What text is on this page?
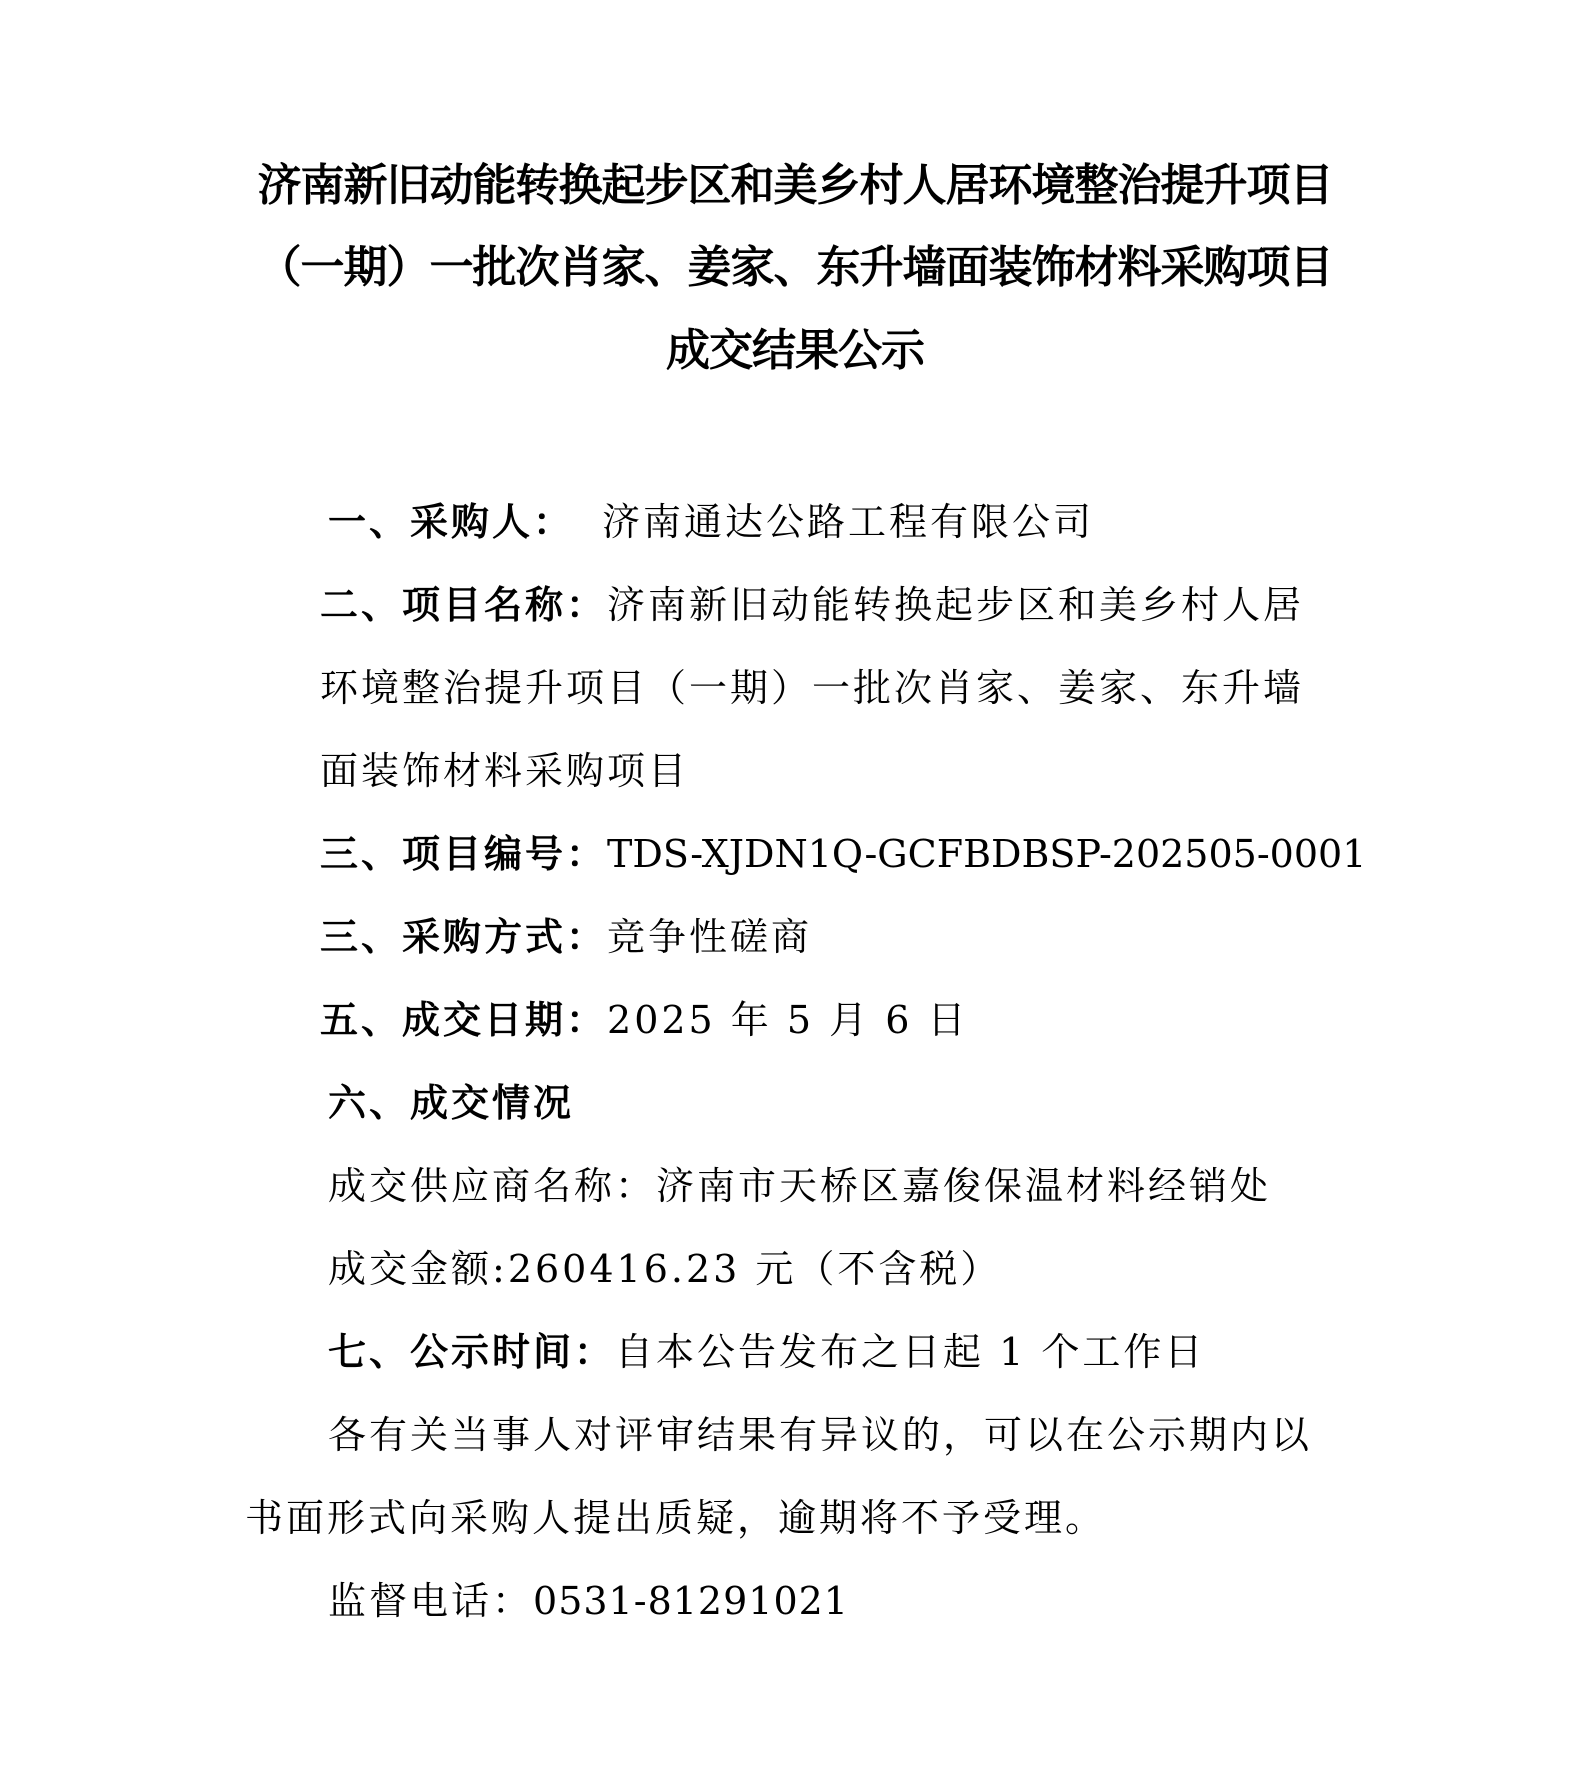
济南新旧动能转换起步区和美乡村人居环境整治提升项目
（一期）一批次肖家、姜家、东升墙面装饰材料采购项目
成交结果公示
一、采购人： 济南通达公路工程有限公司
二、项目名称：济南新旧动能转换起步区和美乡村人居
环境整治提升项目（一期）一批次肖家、姜家、东升墙
面装饰材料采购项目
三、项目编号：TDS-XJDN1Q-GCFBDBSP-202505-0001
三、采购方式：竞争性磋商
五、成交日期：2025 年 5 月 6 日
六、成交情况
成交供应商名称：济南市天桥区嘉俊保温材料经销处
成交金额:260416.23 元（不含税）
七、公示时间：自本公告发布之日起 1 个工作日
各有关当事人对评审结果有异议的，可以在公示期内以
书面形式向采购人提出质疑，逾期将不予受理。
监督电话：0531-81291021
